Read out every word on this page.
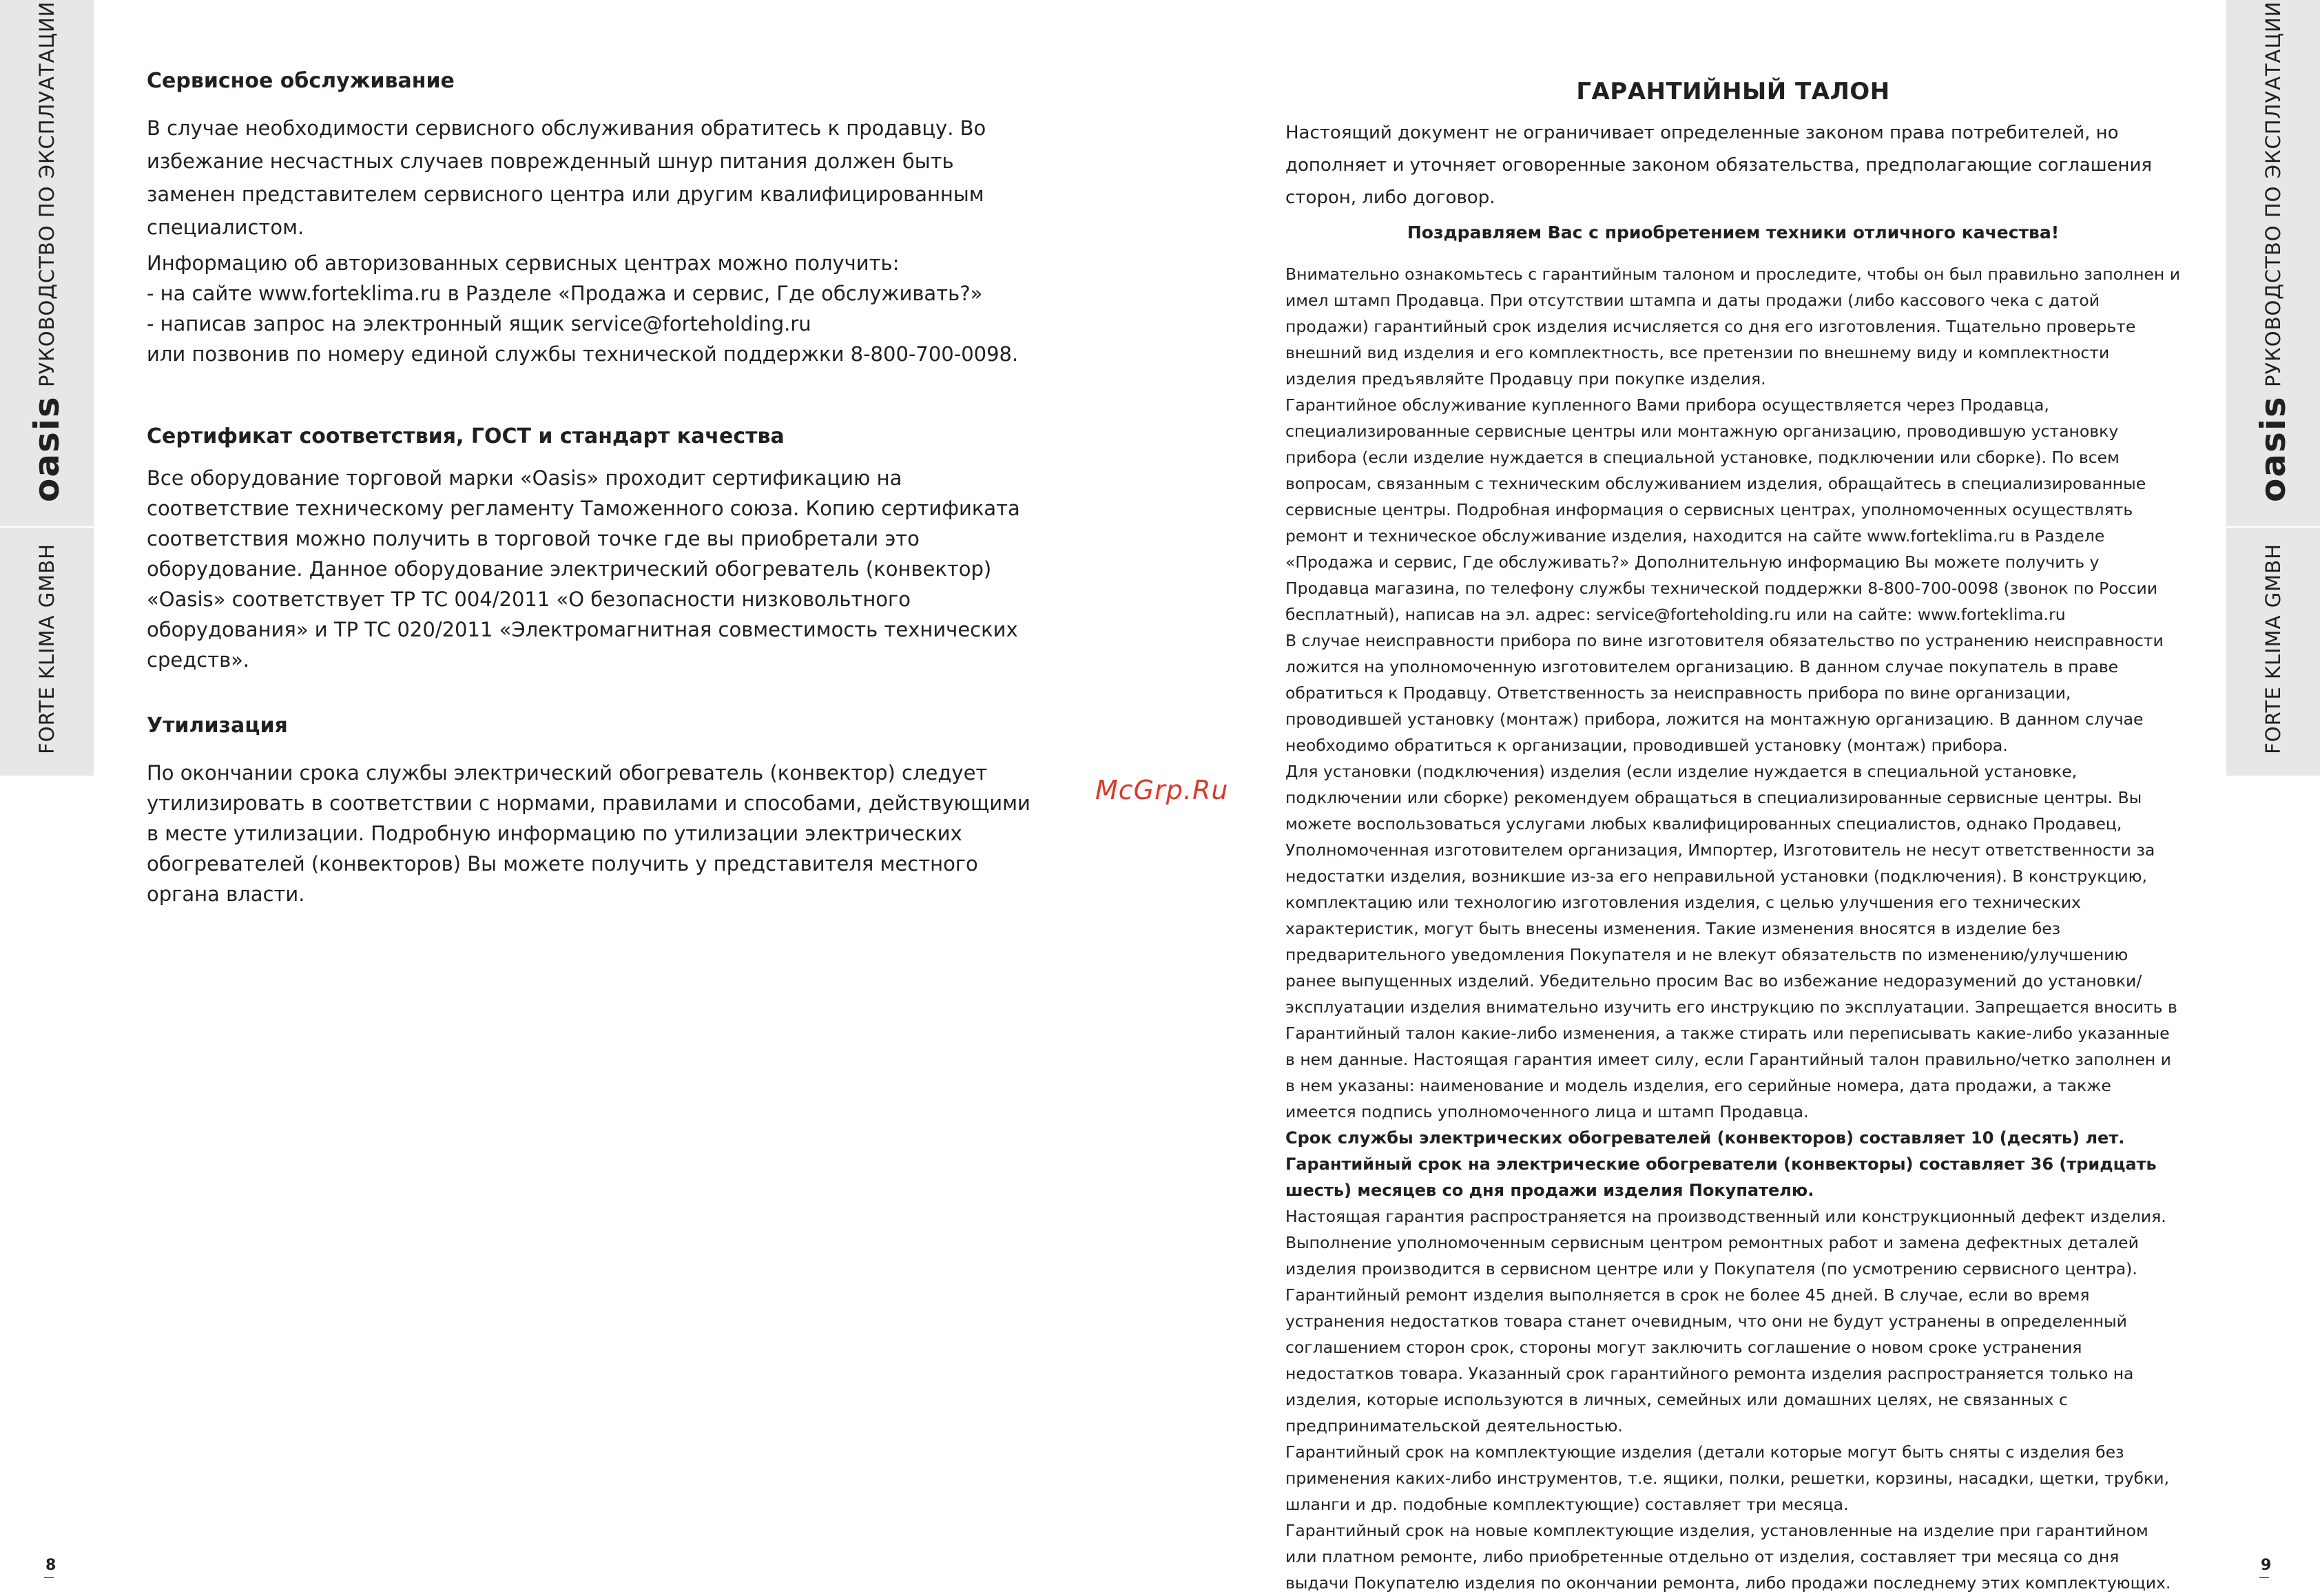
РУКОВОДСТВО ПО ЭКСПЛУАТАЦИИ
oasis
FORTE KLIMA GMBH
РУКОВОДСТВО ПО ЭКСПЛУАТАЦИИ
oasis
FORTE KLIMA GMBH
Сервисное обслуживание

В случае необходимости сервисного обслуживания обратитесь к продавцу. Во избежание несчастных случаев поврежденный шнур питания должен быть заменен представителем сервисного центра или другим квалифицированным специалистом.

Информацию об авторизованных сервисных центрах можно получить:

- на сайте www.forteklima.ru в Разделе «Продажа и сервис, Где обслуживать?»

- написав запрос на электронный ящик service@forteholding.ru

или позвонив по номеру единой службы технической поддержки 8-800-700-0098.

Сертификат соответствия, ГОСТ и стандарт качества

Все оборудование торговой марки «Oasis» проходит сертификацию на соответствие техническому регламенту Таможенного союза. Копию сертификата соответствия можно получить в торговой точке где вы приобретали это оборудование. Данное оборудование электрический обогреватель (конвектор) «Oasis» соответствует ТР ТС 004/2011 «О безопасности низковольтного оборудования» и ТР ТС 020/2011 «Электромагнитная совместимость технических средств».

Утилизация

По окончании срока службы электрический обогреватель (конвектор) следует утилизировать в соответствии с нормами, правилами и способами, действующими в месте утилизации. Подробную информацию по утилизации электрических обогревателей (конвекторов) Вы можете получить у представителя местного органа власти.

McGrp.Ru
8
ГАРАНТИЙНЫЙ ТАЛОН

Настоящий документ не ограничивает определенные законом права потребителей, но дополняет и уточняет оговоренные законом обязательства, предполагающие соглашения сторон, либо договор.

Поздравляем Вас с приобретением техники отличного качества!

Внимательно ознакомьтесь с гарантийным талоном и проследите, чтобы он был правильно заполнен и имел штамп Продавца. При отсутствии штампа и даты продажи (либо кассового чека с датой продажи) гарантийный срок изделия исчисляется со дня его изготовления. Тщательно проверьте внешний вид изделия и его комплектность, все претензии по внешнему виду и комплектности изделия предъявляйте Продавцу при покупке изделия.

Гарантийное обслуживание купленного Вами прибора осуществляется через Продавца, специализированные сервисные центры или монтажную организацию, проводившую установку прибора (если изделие нуждается в специальной установке, подключении или сборке). По всем вопросам, связанным с техническим обслуживанием изделия, обращайтесь в специализированные сервисные центры. Подробная информация о сервисных центрах, уполномоченных осуществлять ремонт и техническое обслуживание изделия, находится на сайте www.forteklima.ru в Разделе «Продажа и сервис, Где обслуживать?» Дополнительную информацию Вы можете получить у Продавца магазина, по телефону службы технической поддержки 8-800-700-0098 (звонок по России бесплатный), написав на эл. адрес: service@forteholding.ru или на сайте: www.forteklima.ru

В случае неисправности прибора по вине изготовителя обязательство по устранению неисправности ложится на уполномоченную изготовителем организацию. В данном случае покупатель в праве обратиться к Продавцу. Ответственность за неисправность прибора по вине организации, проводившей установку (монтаж) прибора, ложится на монтажную организацию. В данном случае необходимо обратиться к организации, проводившей установку (монтаж) прибора.

Для установки (подключения) изделия (если изделие нуждается в специальной установке, подключении или сборке) рекомендуем обращаться в специализированные сервисные центры. Вы можете воспользоваться услугами любых квалифицированных специалистов, однако Продавец, Уполномоченная изготовителем организация, Импортер, Изготовитель не несут ответственности за недостатки изделия, возникшие из-за его неправильной установки (подключения). В конструкцию, комплектацию или технологию изготовления изделия, с целью улучшения его технических характеристик, могут быть внесены изменения. Такие изменения вносятся в изделие без предварительного уведомления Покупателя и не влекут обязательств по изменению/улучшению ранее выпущенных изделий. Убедительно просим Вас во избежание недоразумений до установки/эксплуатации изделия внимательно изучить его инструкцию по эксплуатации. Запрещается вносить в Гарантийный талон какие-либо изменения, а также стирать или переписывать какие-либо указанные в нем данные. Настоящая гарантия имеет силу, если Гарантийный талон правильно/четко заполнен и в нем указаны: наименование и модель изделия, его серийные номера, дата продажи, а также имеется подпись уполномоченного лица и штамп Продавца.

Срок службы электрических обогревателей (конвекторов) составляет 10 (десять) лет.

Гарантийный срок на электрические обогреватели (конвекторы) составляет 36 (тридцать шесть) месяцев со дня продажи изделия Покупателю.

Настоящая гарантия распространяется на производственный или конструкционный дефект изделия.

Выполнение уполномоченным сервисным центром ремонтных работ и замена дефектных деталей изделия производится в сервисном центре или у Покупателя (по усмотрению сервисного центра).

Гарантийный ремонт изделия выполняется в срок не более 45 дней. В случае, если во время устранения недостатков товара станет очевидным, что они не будут устранены в определенный соглашением сторон срок, стороны могут заключить соглашение о новом сроке устранения недостатков товара. Указанный срок гарантийного ремонта изделия распространяется только на изделия, которые используются в личных, семейных или домашних целях, не связанных с предпринимательской деятельностью.

Гарантийный срок на комплектующие изделия (детали которые могут быть сняты с изделия без применения каких-либо инструментов, т.е. ящики, полки, решетки, корзины, насадки, щетки, трубки, шланги и др. подобные комплектующие) составляет три месяца.

Гарантийный срок на новые комплектующие изделия, установленные на изделие при гарантийном или платном ремонте, либо приобретенные отдельно от изделия, составляет три месяца со дня выдачи Покупателю изделия по окончании ремонта, либо продажи последнему этих комплектующих.

9
